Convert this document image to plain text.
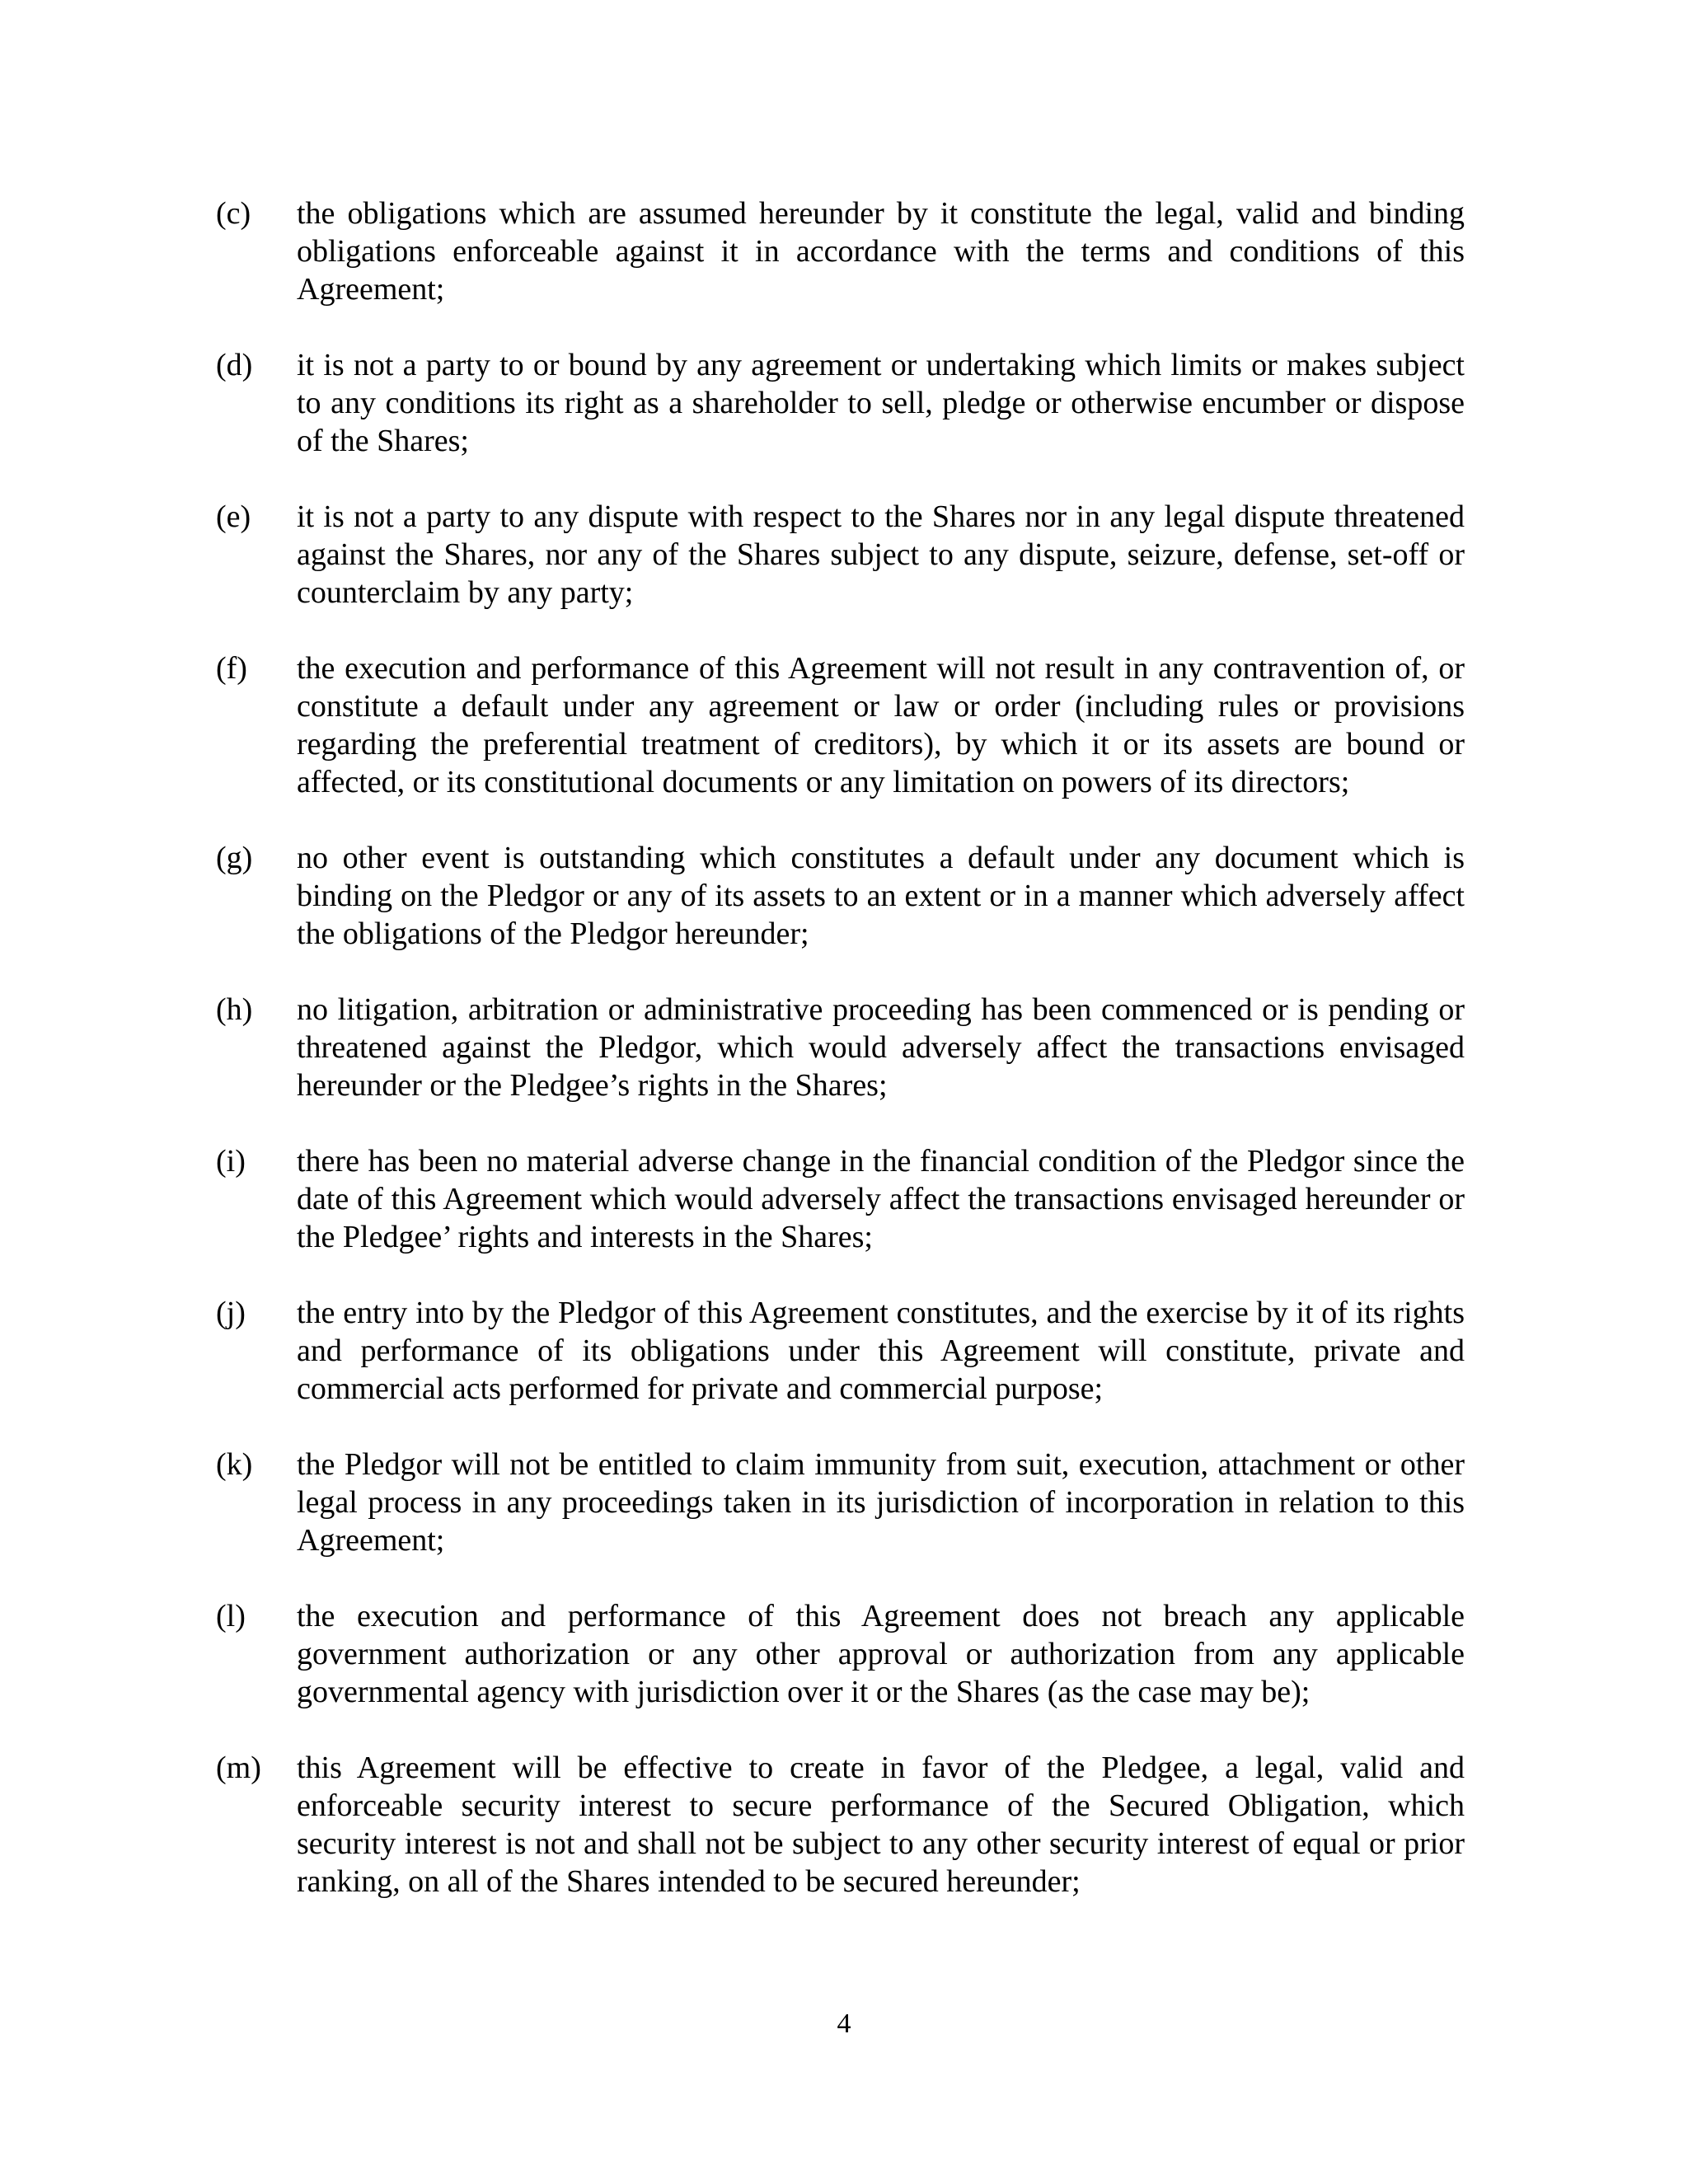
(c)	the obligations which are assumed hereunder by it constitute the legal, valid and binding obligations enforceable against it in accordance with the terms and conditions of this Agreement;
(d)	it is not a party to or bound by any agreement or undertaking which limits or makes subject to any conditions its right as a shareholder to sell, pledge or otherwise encumber or dispose of the Shares;
(e)	it is not a party to any dispute with respect to the Shares nor in any legal dispute threatened against the Shares, nor any of the Shares subject to any dispute, seizure, defense, set-off or counterclaim by any party;
(f)	the execution and performance of this Agreement will not result in any contravention of, or constitute a default under any agreement or law or order (including rules or provisions regarding the preferential treatment of creditors), by which it or its assets are bound or affected, or its constitutional documents or any limitation on powers of its directors;
(g)	no other event is outstanding which constitutes a default under any document which is binding on the Pledgor or any of its assets to an extent or in a manner which adversely affect the obligations of the Pledgor hereunder;
(h)	no litigation, arbitration or administrative proceeding has been commenced or is pending or threatened against the Pledgor, which would adversely affect the transactions envisaged hereunder or the Pledgee’s rights in the Shares;
(i)	there has been no material adverse change in the financial condition of the Pledgor since the date of this Agreement which would adversely affect the transactions envisaged hereunder or the Pledgee’ rights and interests in the Shares;
(j)	the entry into by the Pledgor of this Agreement constitutes, and the exercise by it of its rights and performance of its obligations under this Agreement will constitute, private and commercial acts performed for private and commercial purpose;
(k)	the Pledgor will not be entitled to claim immunity from suit, execution, attachment or other legal process in any proceedings taken in its jurisdiction of incorporation in relation to this Agreement;
(l)	the execution and performance of this Agreement does not breach any applicable government authorization or any other approval or authorization from any applicable governmental agency with jurisdiction over it or the Shares (as the case may be);
(m)	this Agreement will be effective to create in favor of the Pledgee, a legal, valid and enforceable security interest to secure performance of the Secured Obligation, which security interest is not and shall not be subject to any other security interest of equal or prior ranking, on all of the Shares intended to be secured hereunder;
4
